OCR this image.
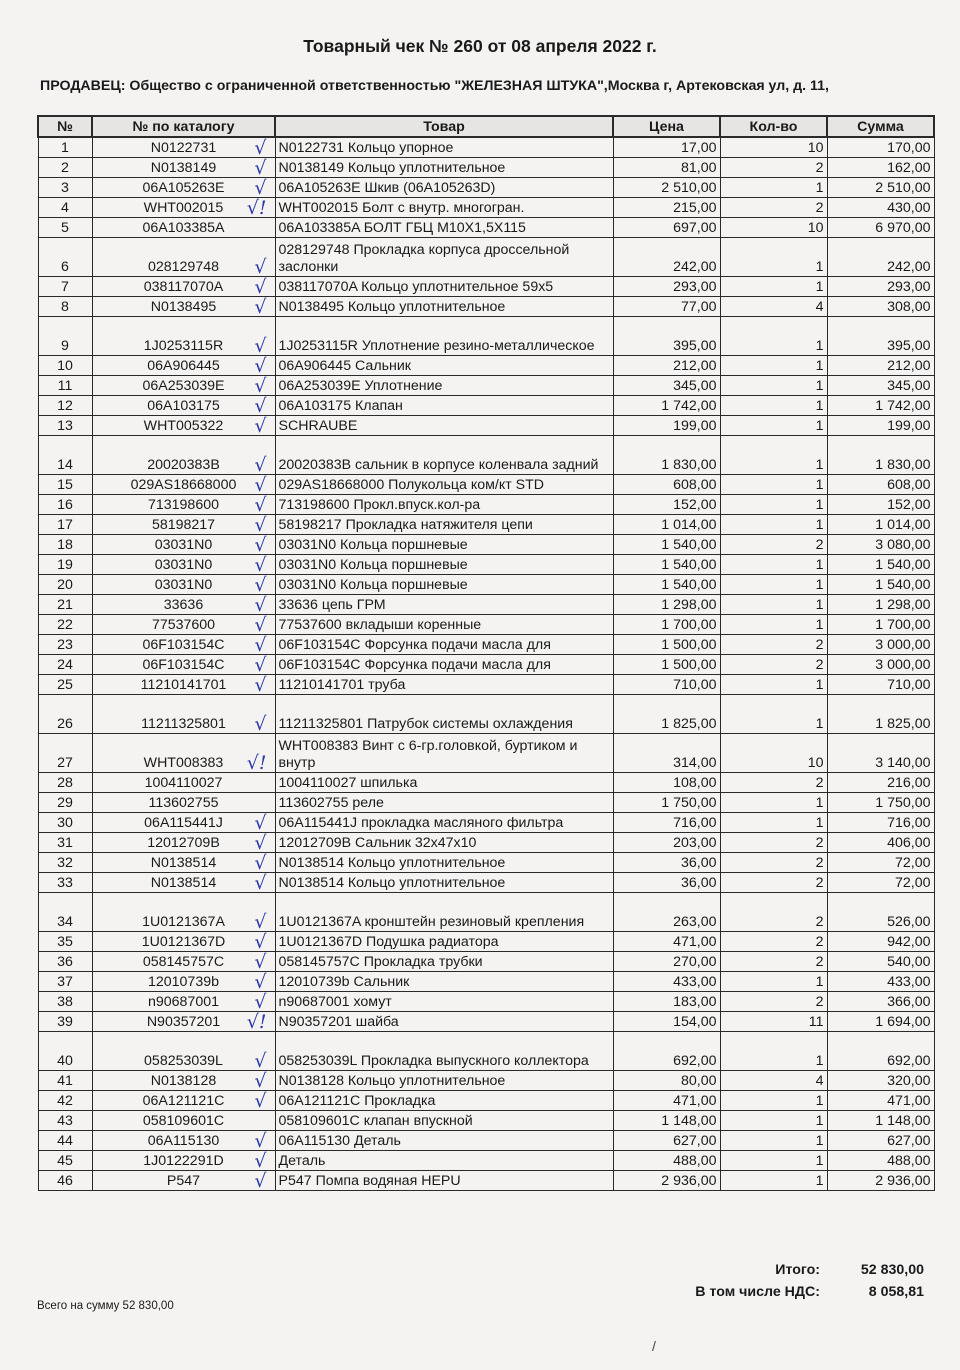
Товарный чек № 260 от 08 апреля 2022 г.
ПРОДАВЕЦ: Общество с ограниченной ответственностью "ЖЕЛЕЗНАЯ ШТУКА",Москва г, Артековская ул, д. 11,
№	№ по каталогу	Товар	Цена	Кол-во	Сумма
1	N0122731 √	N0122731 Кольцо упорное	17,00	10	170,00
2	N0138149 √	N0138149 Кольцо уплотнительное	81,00	2	162,00
3	06A105263E √	06A105263E Шкив (06A105263D)	2 510,00	1	2 510,00
4	WHT002015 √!	WHT002015 Болт с внутр. многогран.	215,00	2	430,00
5	06A103385A	06A103385A БОЛТ ГБЦ М10Х1,5Х115	697,00	10	6 970,00
6	028129748 √	028129748 Прокладка корпуса дроссельной заслонки	242,00	1	242,00
7	038117070A √	038117070A Кольцо уплотнительное 59x5	293,00	1	293,00
8	N0138495 √	N0138495 Кольцо уплотнительное	77,00	4	308,00
9	1J0253115R √	1J0253115R Уплотнение резино-металлическое	395,00	1	395,00
10	06A906445 √	06A906445 Сальник	212,00	1	212,00
11	06A253039E √	06A253039E Уплотнение	345,00	1	345,00
12	06A103175 √	06A103175 Клапан	1 742,00	1	1 742,00
13	WHT005322 √	SCHRAUBE	199,00	1	199,00
14	20020383B √	20020383B сальник в корпусе коленвала задний	1 830,00	1	1 830,00
15	029AS18668000 √	029AS18668000 Полукольца ком/кт STD	608,00	1	608,00
16	713198600 √	713198600 Прокл.впуск.кол-ра	152,00	1	152,00
17	58198217 √	58198217 Прокладка натяжителя цепи	1 014,00	1	1 014,00
18	03031N0 √	03031N0 Кольца поршневые	1 540,00	2	3 080,00
19	03031N0 √	03031N0 Кольца поршневые	1 540,00	1	1 540,00
20	03031N0 √	03031N0 Кольца поршневые	1 540,00	1	1 540,00
21	33636 √	33636 цепь ГРМ	1 298,00	1	1 298,00
22	77537600 √	77537600 вкладыши коренные	1 700,00	1	1 700,00
23	06F103154C √	06F103154C Форсунка подачи масла для	1 500,00	2	3 000,00
24	06F103154C √	06F103154C Форсунка подачи масла для	1 500,00	2	3 000,00
25	11210141701 √	11210141701 труба	710,00	1	710,00
26	11211325801 √	11211325801 Патрубок системы охлаждения	1 825,00	1	1 825,00
27	WHT008383 √!	WHT008383 Винт с 6-гр.головкой, буртиком и внутр	314,00	10	3 140,00
28	1004110027	1004110027 шпилька	108,00	2	216,00
29	113602755	113602755 реле	1 750,00	1	1 750,00
30	06A115441J √	06A115441J прокладка масляного фильтра	716,00	1	716,00
31	12012709B √	12012709B Сальник 32x47x10	203,00	2	406,00
32	N0138514 √	N0138514 Кольцо уплотнительное	36,00	2	72,00
33	N0138514 √	N0138514 Кольцо уплотнительное	36,00	2	72,00
34	1U0121367A √	1U0121367A кронштейн резиновый крепления	263,00	2	526,00
35	1U0121367D √	1U0121367D Подушка радиатора	471,00	2	942,00
36	058145757C √	058145757C Прокладка трубки	270,00	2	540,00
37	12010739b √	12010739b Сальник	433,00	1	433,00
38	n90687001 √	n90687001 хомут	183,00	2	366,00
39	N90357201 √!	N90357201 шайба	154,00	11	1 694,00
40	058253039L √	058253039L Прокладка выпускного коллектора	692,00	1	692,00
41	N0138128 √	N0138128 Кольцо уплотнительное	80,00	4	320,00
42	06A121121C √	06A121121C Прокладка	471,00	1	471,00
43	058109601C	058109601C клапан впускной	1 148,00	1	1 148,00
44	06A115130 √	06A115130 Деталь	627,00	1	627,00
45	1J0122291D √	Деталь	488,00	1	488,00
46	P547 √	P547 Помпа водяная HEPU	2 936,00	1	2 936,00
Итого:	52 830,00
В том числе НДС:	8 058,81
Всего на сумму 52 830,00
/
